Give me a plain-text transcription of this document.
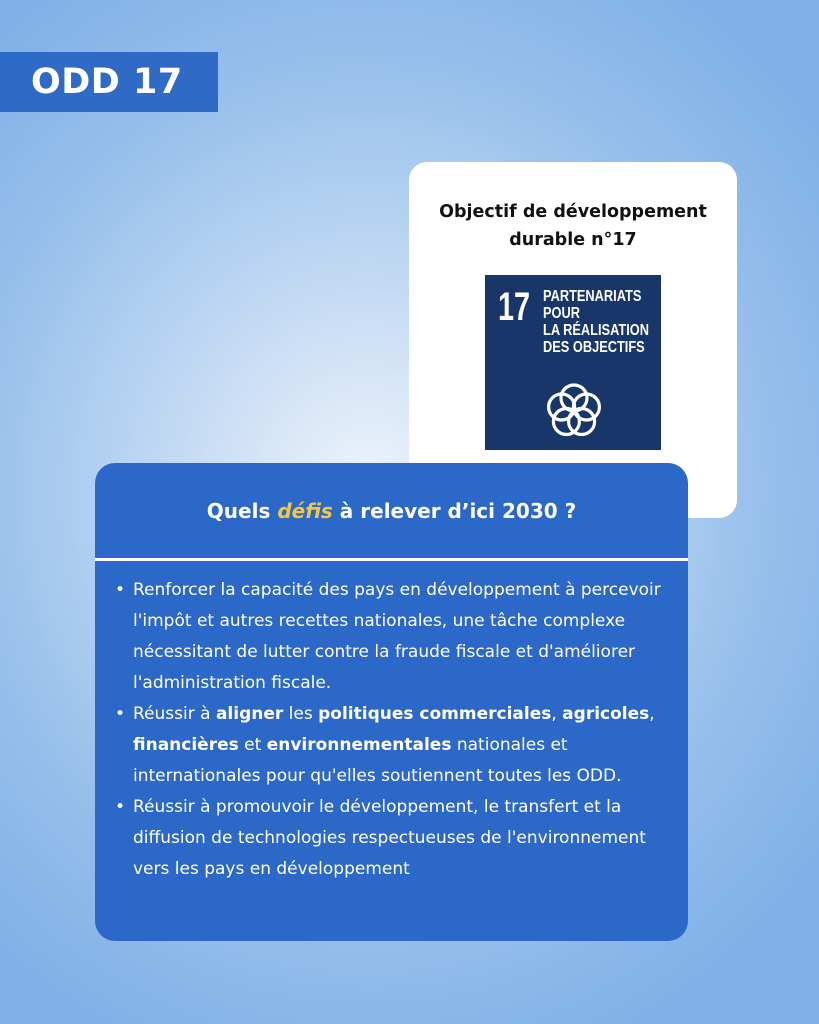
ODD 17
Objectif de développement
durable n°17
17 PARTENARIATS
POUR
LA RÉALISATION
DES OBJECTIFS
Quels défis à relever d’ici 2030 ?
• Renforcer la capacité des pays en développement à percevoir l'impôt et autres recettes nationales, une tâche complexe nécessitant de lutter contre la fraude fiscale et d'améliorer l'administration fiscale.
• Réussir à aligner les politiques commerciales, agricoles, financières et environnementales nationales et internationales pour qu'elles soutiennent toutes les ODD.
• Réussir à promouvoir le développement, le transfert et la diffusion de technologies respectueuses de l'environnement vers les pays en développement
